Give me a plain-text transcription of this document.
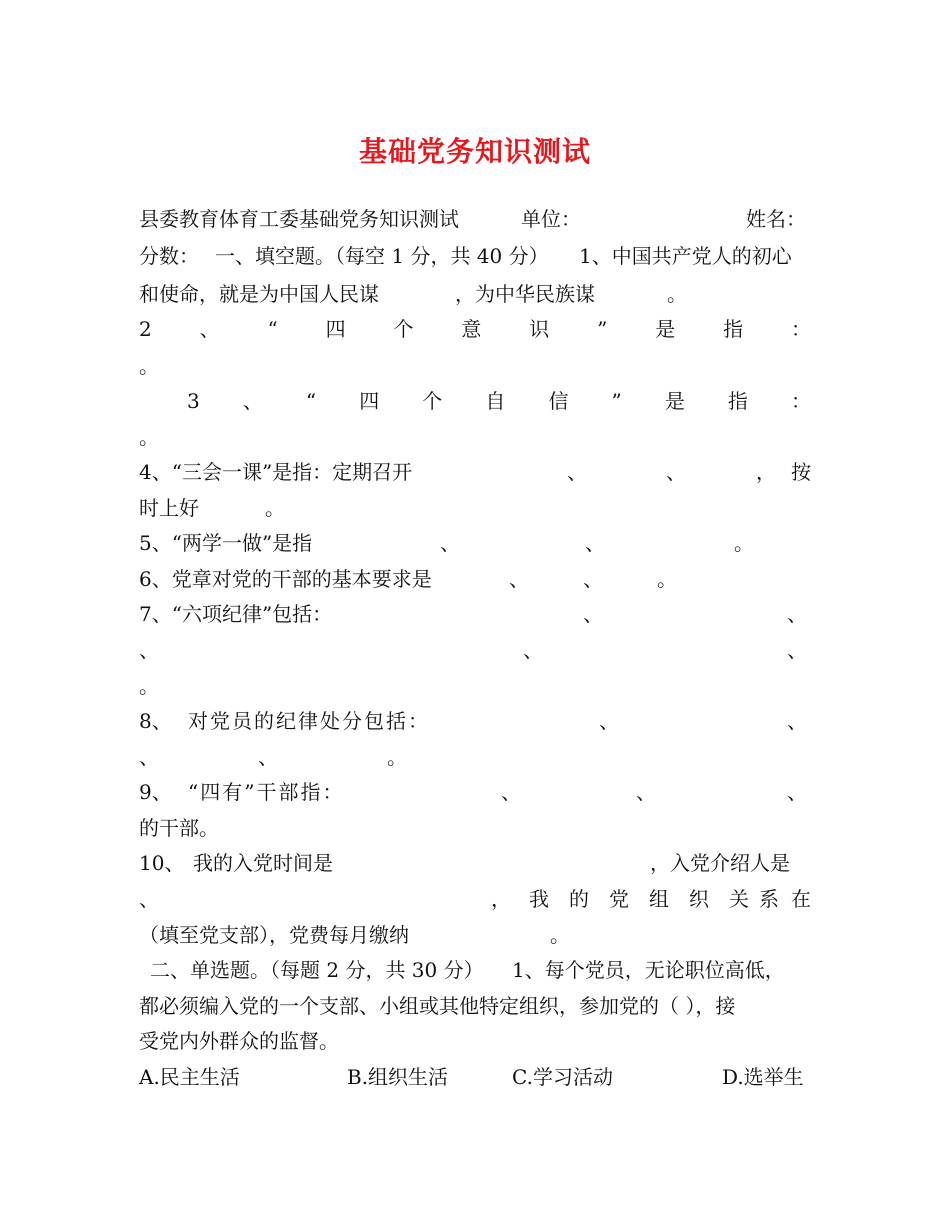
基础党务知识测试
县委教育体育工委基础党务知识测试	单位：	姓名：
分数： 一、填空题。（每空 1 分，共 40 分） 1、中国共产党人的初心
和使命，就是为中国人民谋	，为中华民族谋	。
2 、 “ 四 个 意 识 ” 是 指 ：
。
3 、 “ 四 个 自 信 ” 是 指 ：
。
4、“三会一课”是指：定期召开	、	、	， 按
时上好	。
5、“两学一做”是指	、	、	。
6、党章对党的干部的基本要求是	、	、	。
7、“六项纪律”包括：	、	、
、	、	、
。
8、 对党员的纪律处分包括：	、	、
、	、	。
9、 “四有”干部指：	、	、	、
的干部。
10、 我的入党时间是	，入党介绍人是
、	， 我 的 党 组 织 关 系 在
（填至党支部），党费每月缴纳	。
二、单选题。（每题 2 分，共 30 分） 1、每个党员，无论职位高低，
都必须编入党的一个支部、小组或其他特定组织，参加党的（ ），接
受党内外群众的监督。
A.民主生活	B.组织生活	C.学习活动	D.选举生
